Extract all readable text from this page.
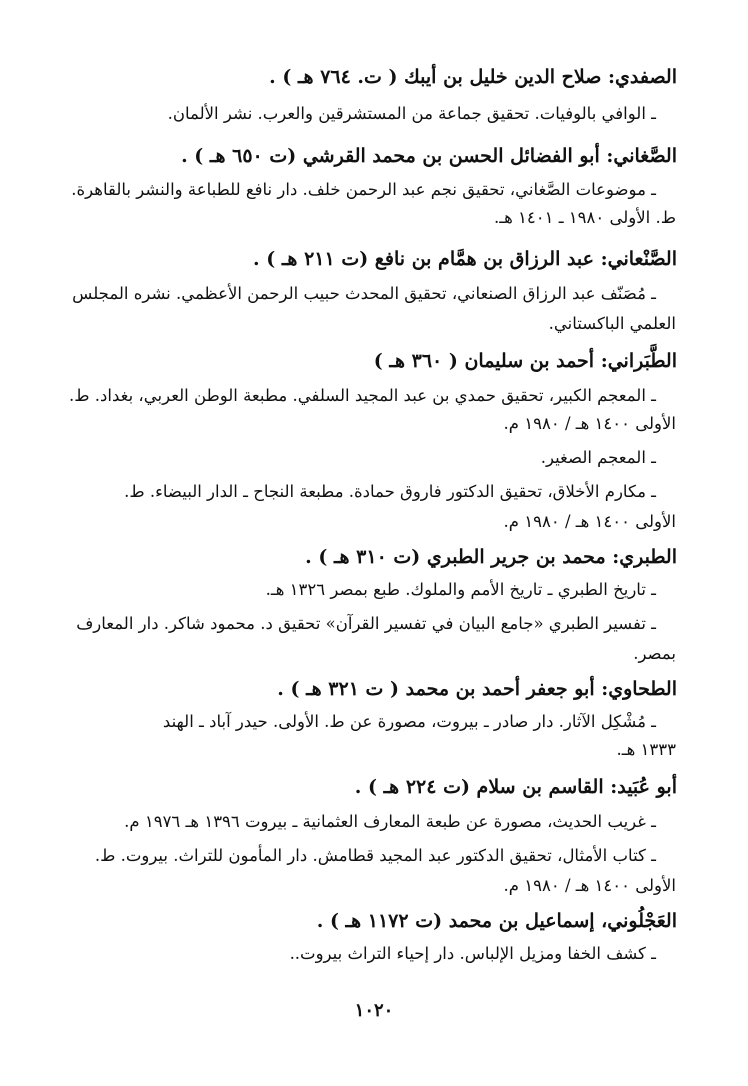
الصفدي: صلاح الدين خليل بن أيبك ( ت. ٧٦٤ هـ ) .
ـ الوافي بالوفيات. تحقيق جماعة من المستشرقين والعرب. نشر الألمان.
الصَّغاني: أبو الفضائل الحسن بن محمد القرشي (ت ٦٥٠ هـ ) .
ـ موضوعات الصَّغاني، تحقيق نجم عبد الرحمن خلف. دار نافع للطباعة والنشر بالقاهرة.
ط. الأولى ١٩٨٠ ـ ١٤٠١ هـ.
الصَّنْعاني: عبد الرزاق بن همَّام بن نافع (ت ٢١١ هـ ) .
ـ مُصَنّف عبد الرزاق الصنعاني، تحقيق المحدث حبيب الرحمن الأعظمي. نشره المجلس
العلمي الباكستاني.
الطَّبَراني: أحمد بن سليمان ( ٣٦٠ هـ )
ـ المعجم الكبير، تحقيق حمدي بن عبد المجيد السلفي. مطبعة الوطن العربي، بغداد. ط.
الأولى ١٤٠٠ هـ / ١٩٨٠ م.
ـ المعجم الصغير.
ـ مكارم الأخلاق، تحقيق الدكتور فاروق حمادة. مطبعة النجاح ـ الدار البيضاء. ط.
الأولى ١٤٠٠ هـ / ١٩٨٠ م.
الطبري: محمد بن جرير الطبري (ت ٣١٠ هـ ) .
ـ تاريخ الطبري ـ تاريخ الأمم والملوك. طبع بمصر ١٣٢٦ هـ.
ـ تفسير الطبري «جامع البيان في تفسير القرآن» تحقيق د. محمود شاكر. دار المعارف
بمصر.
الطحاوي: أبو جعفر أحمد بن محمد ( ت ٣٢١ هـ ) .
ـ مُشْكِل الآثار. دار صادر ـ بيروت، مصورة عن ط. الأولى. حيدر آباد ـ الهند
١٣٣٣ هـ.
أبو عُبَيد: القاسم بن سلام (ت ٢٢٤ هـ ) .
ـ غريب الحديث، مصورة عن طبعة المعارف العثمانية ـ بيروت ١٣٩٦ هـ ١٩٧٦ م.
ـ كتاب الأمثال، تحقيق الدكتور عبد المجيد قطامش. دار المأمون للتراث. بيروت. ط.
الأولى ١٤٠٠ هـ / ١٩٨٠ م.
العَجْلُوني، إسماعيل بن محمد (ت ١١٧٢ هـ ) .
ـ كشف الخفا ومزيل الإلباس. دار إحياء التراث بيروت..
١٠٢٠
